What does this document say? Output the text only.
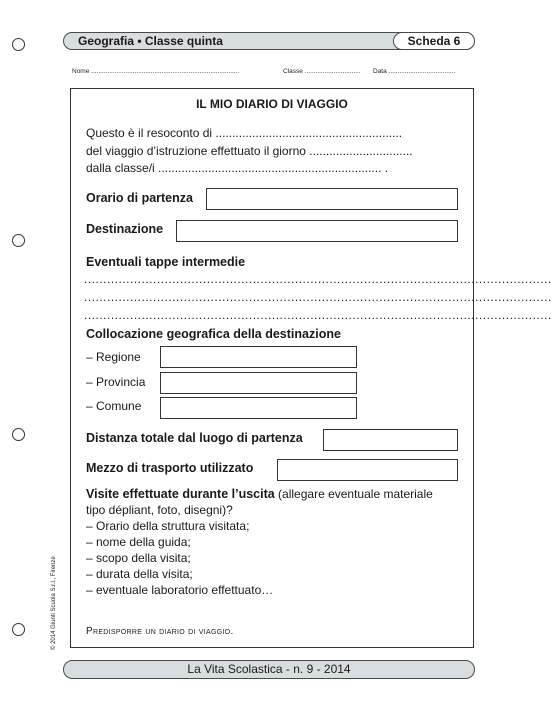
Geografia • Classe quinta	Scheda 6
Nome ..................................................................................	Classe ............................... Data .....................................
IL MIO DIARIO DI VIAGGIO
Questo è il resoconto di ........................................................
del viaggio d’istruzione effettuato il giorno ...............................
dalla classe/i ................................................................... .
Orario di partenza
Destinazione
Eventuali tappe intermedie
..........................................................................................................................
..........................................................................................................................
..........................................................................................................................
Collocazione geografica della destinazione
– Regione
– Provincia
– Comune
Distanza totale dal luogo di partenza
Mezzo di trasporto utilizzato
Visite effettuate durante l’uscita (allegare eventuale materiale
tipo dépliant, foto, disegni)?
– Orario della struttura visitata;
– nome della guida;
– scopo della visita;
– durata della visita;
– eventuale laboratorio effettuato…
Predisporre un diario di viaggio.
© 2014 Giunti Scuola S.r.l., Firenze
La Vita Scolastica - n. 9 - 2014
